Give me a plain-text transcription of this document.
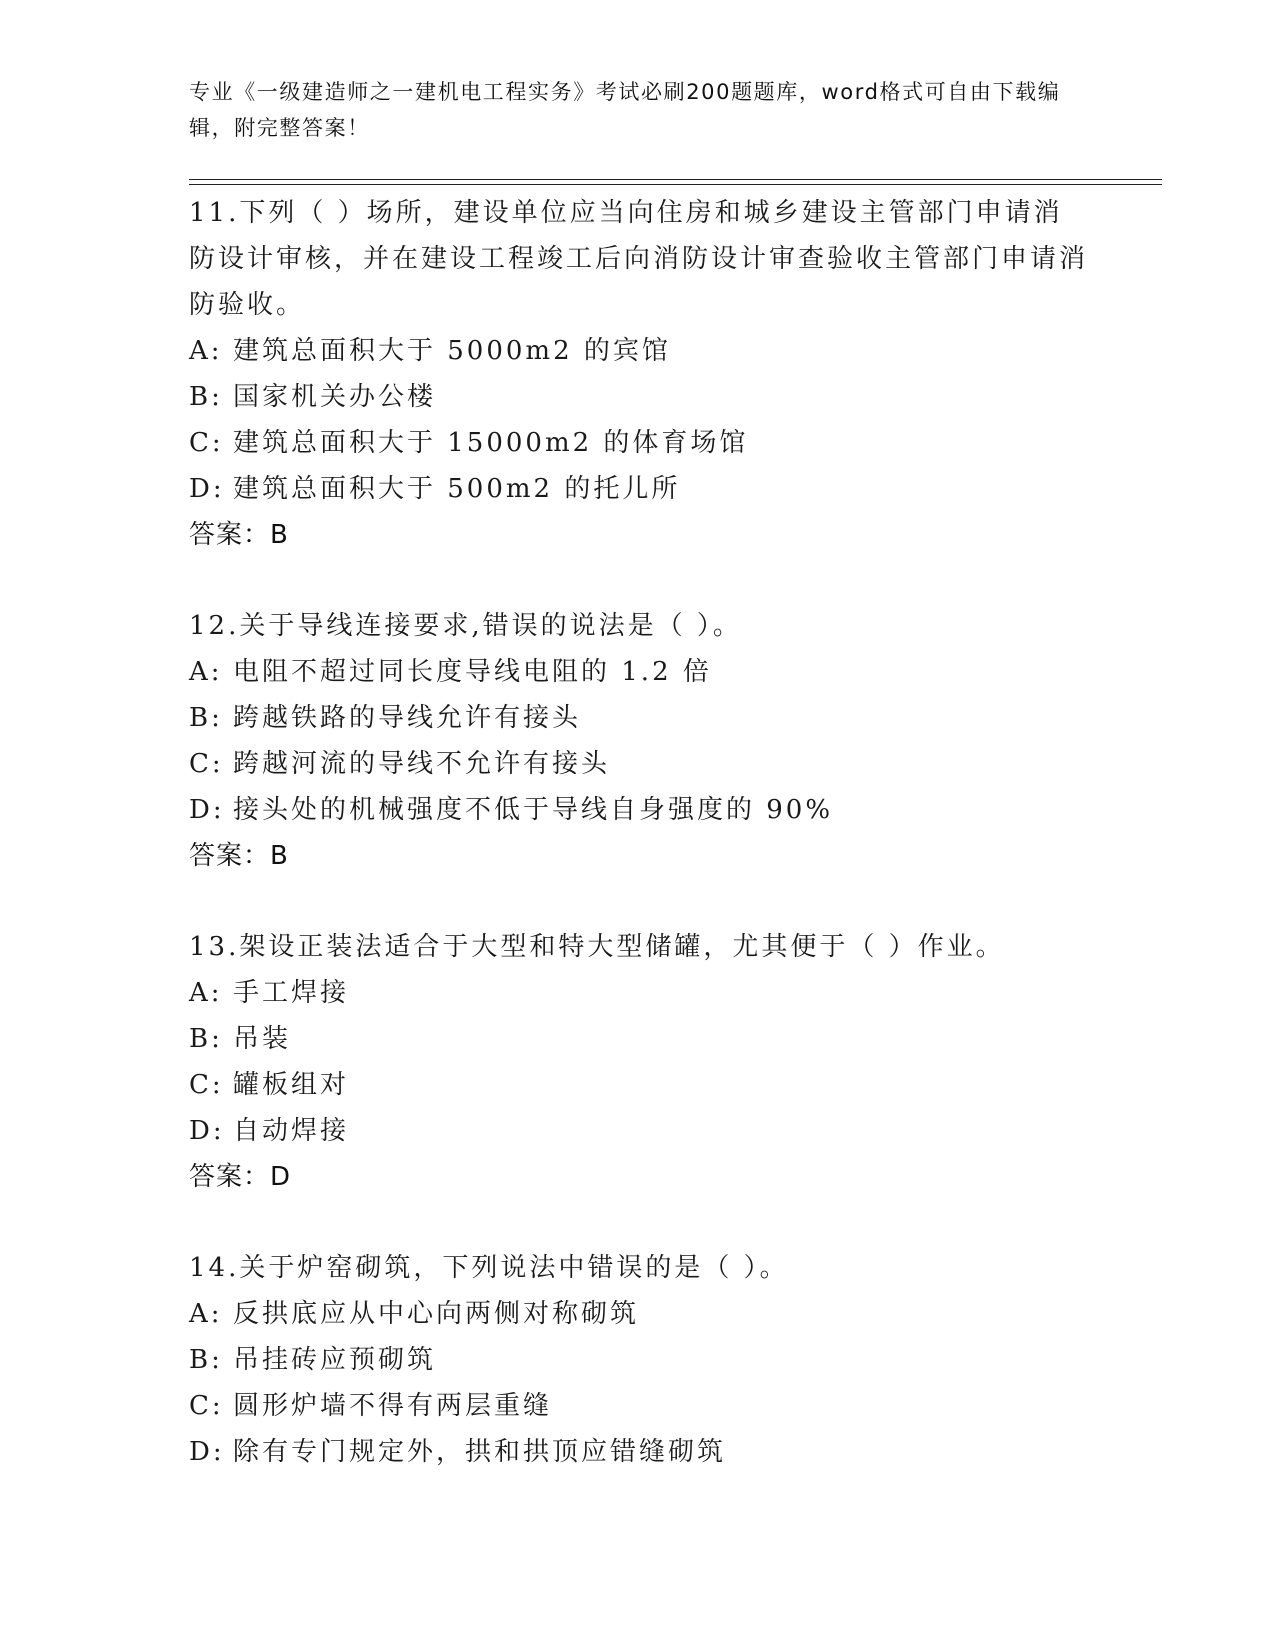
专业《一级建造师之一建机电工程实务》考试必刷200题题库，word格式可自由下载编辑，附完整答案！
11.下列（ ）场所，建设单位应当向住房和城乡建设主管部门申请消防设计审核，并在建设工程竣工后向消防设计审查验收主管部门申请消防验收。
A: 建筑总面积大于 5000m2 的宾馆
B: 国家机关办公楼
C: 建筑总面积大于 15000m2 的体育场馆
D: 建筑总面积大于 500m2 的托儿所
答案：B
12.关于导线连接要求,错误的说法是（ ）。
A: 电阻不超过同长度导线电阻的 1.2 倍
B: 跨越铁路的导线允许有接头
C: 跨越河流的导线不允许有接头
D: 接头处的机械强度不低于导线自身强度的 90%
答案：B
13.架设正装法适合于大型和特大型储罐，尤其便于（ ）作业。
A: 手工焊接
B: 吊装
C: 罐板组对
D: 自动焊接
答案：D
14.关于炉窑砌筑，下列说法中错误的是（ ）。
A: 反拱底应从中心向两侧对称砌筑
B: 吊挂砖应预砌筑
C: 圆形炉墙不得有两层重缝
D: 除有专门规定外，拱和拱顶应错缝砌筑
